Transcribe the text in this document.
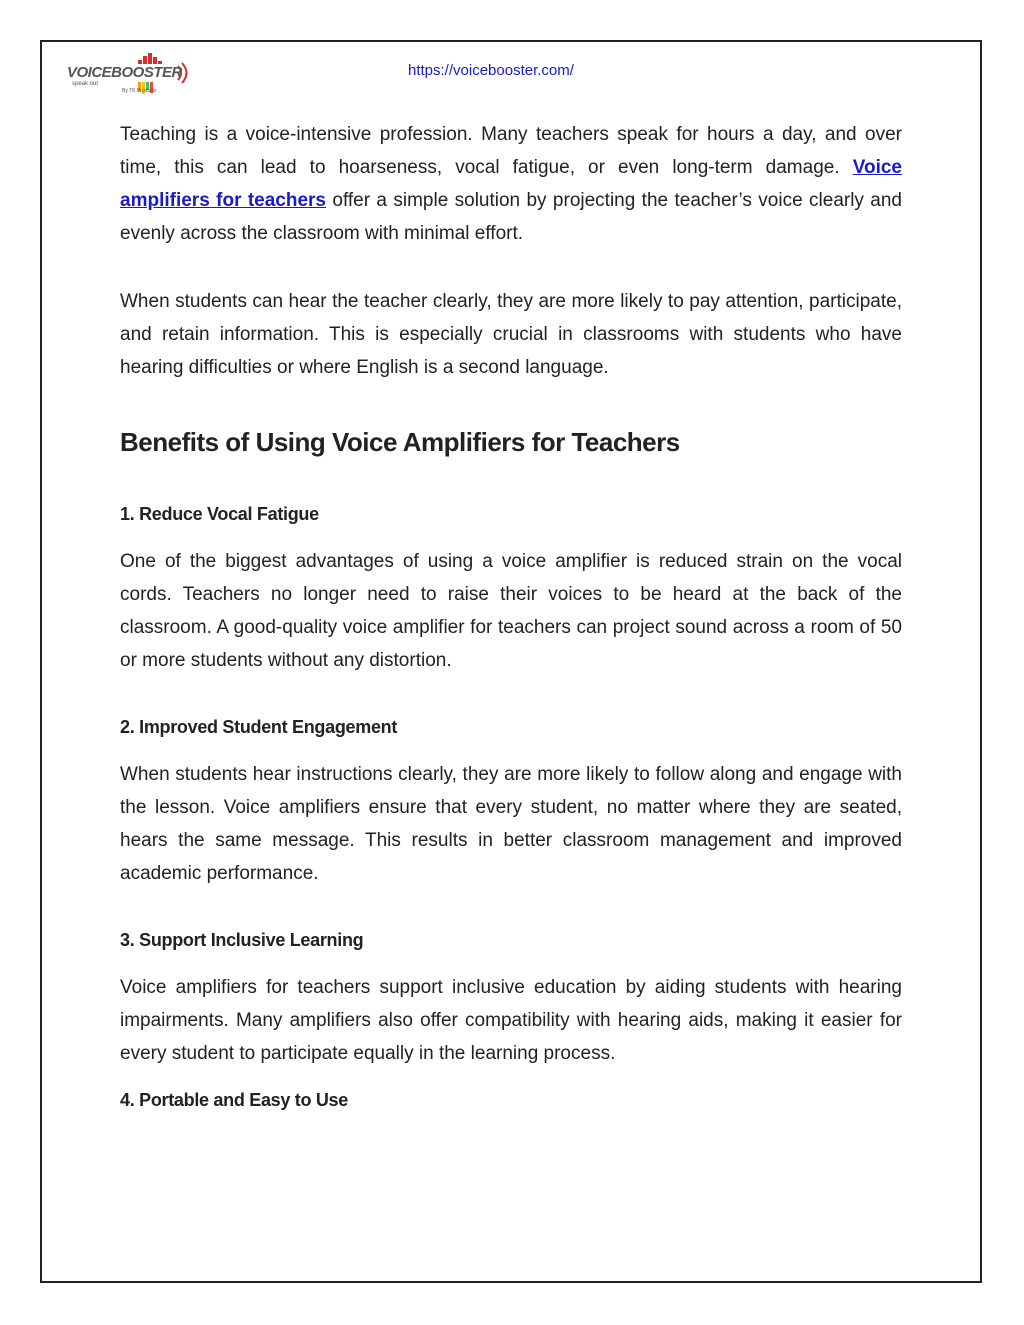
VOICEBOOSTER
speak out
By TK Products
https://voicebooster.com/

Teaching is a voice-intensive profession. Many teachers speak for hours a day, and over time, this can lead to hoarseness, vocal fatigue, or even long-term damage. Voice amplifiers for teachers offer a simple solution by projecting the teacher’s voice clearly and evenly across the classroom with minimal effort.

When students can hear the teacher clearly, they are more likely to pay attention, participate, and retain information. This is especially crucial in classrooms with students who have hearing difficulties or where English is a second language.

Benefits of Using Voice Amplifiers for Teachers
1. Reduce Vocal Fatigue

One of the biggest advantages of using a voice amplifier is reduced strain on the vocal cords. Teachers no longer need to raise their voices to be heard at the back of the classroom. A good-quality voice amplifier for teachers can project sound across a room of 50 or more students without any distortion.

2. Improved Student Engagement

When students hear instructions clearly, they are more likely to follow along and engage with the lesson. Voice amplifiers ensure that every student, no matter where they are seated, hears the same message. This results in better classroom management and improved academic performance.

3. Support Inclusive Learning

Voice amplifiers for teachers support inclusive education by aiding students with hearing impairments. Many amplifiers also offer compatibility with hearing aids, making it easier for every student to participate equally in the learning process.

4. Portable and Easy to Use
